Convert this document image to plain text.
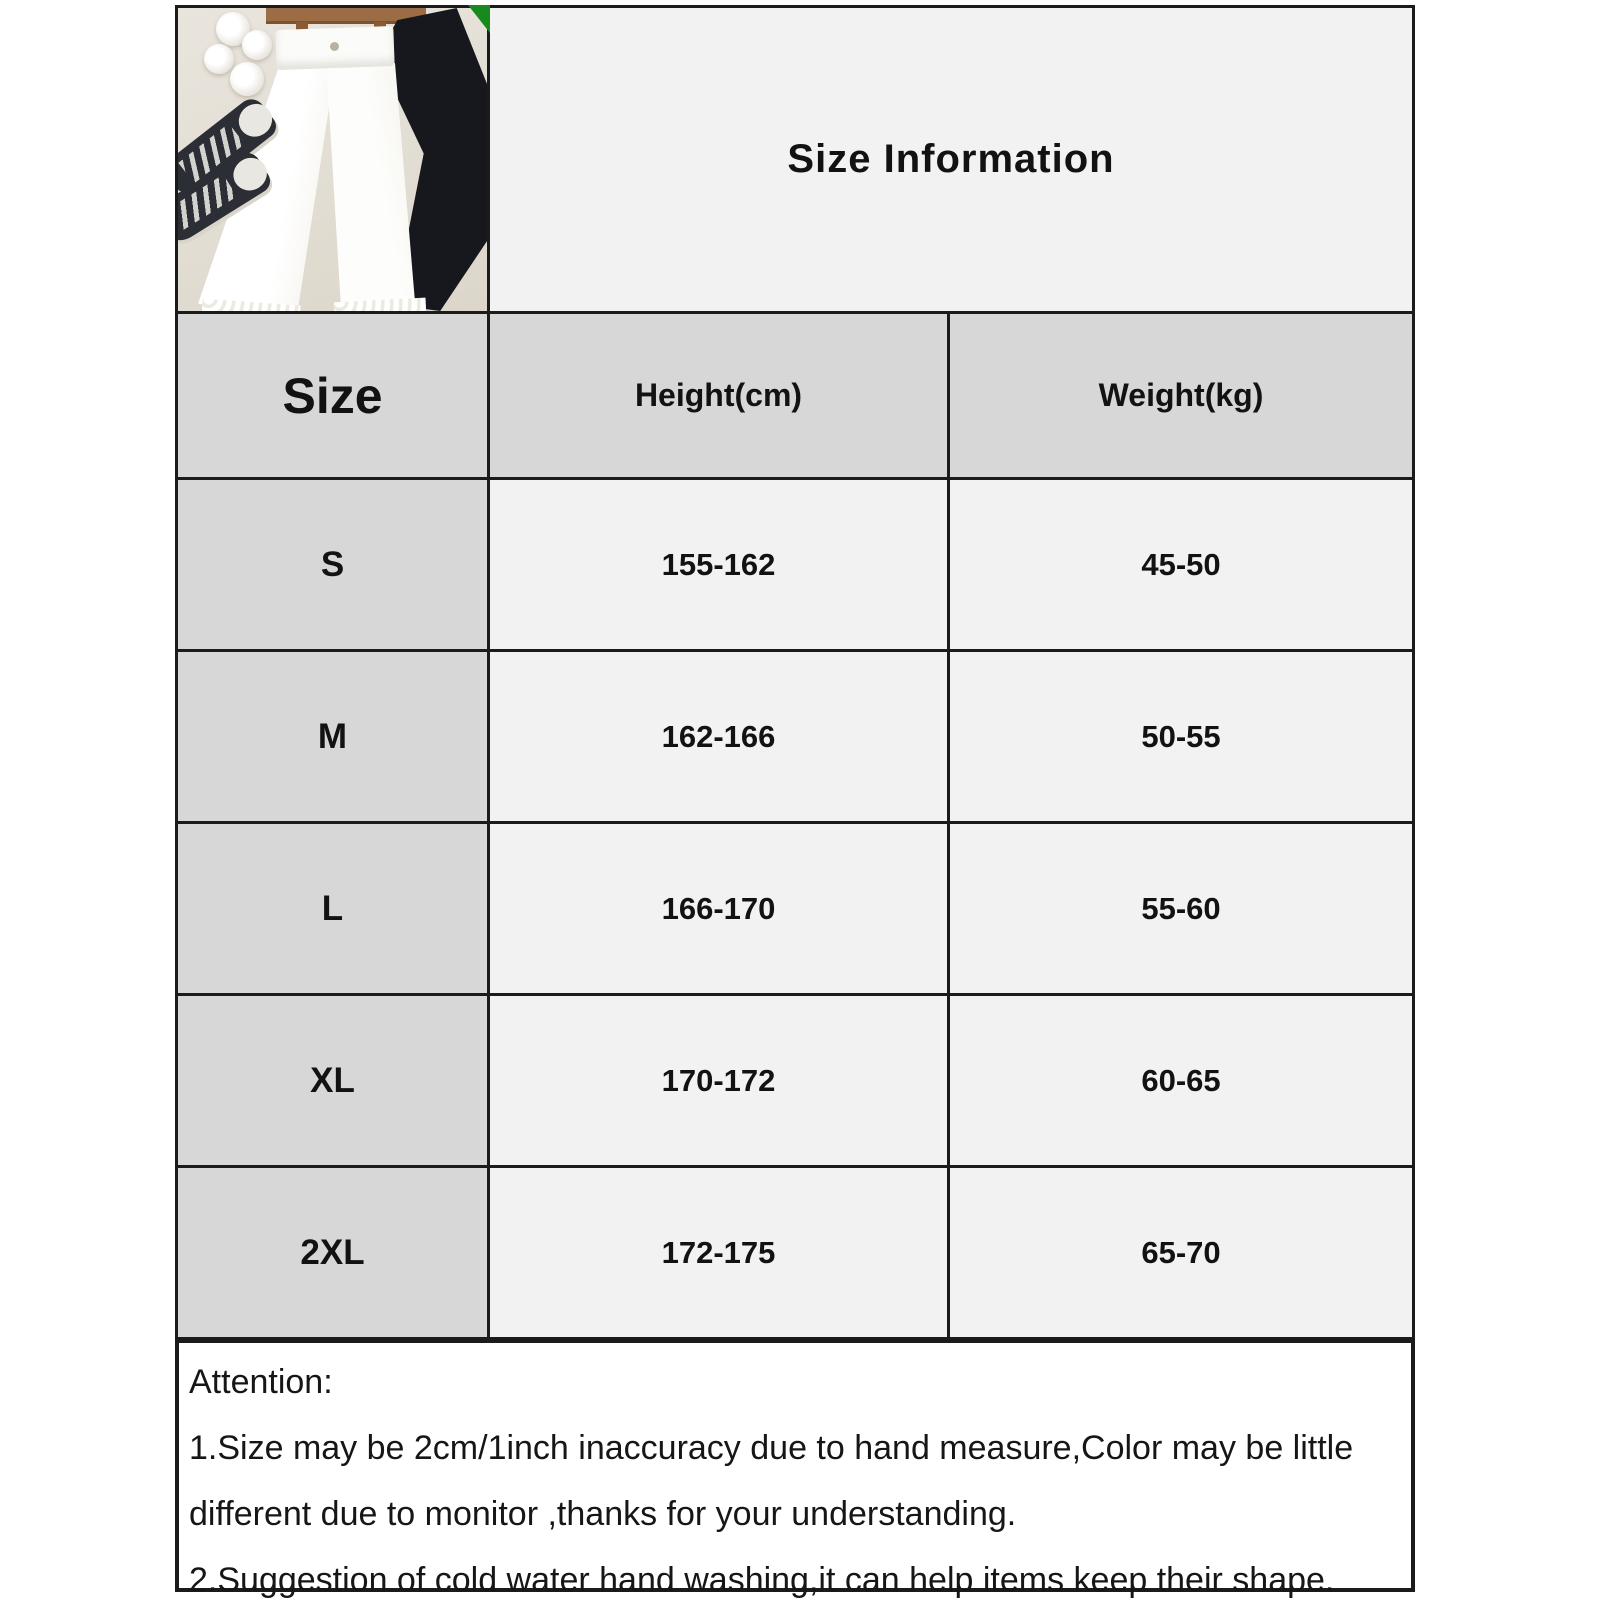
Size Information
Size	Height(cm)	Weight(kg)
S	155-162	45-50
M	162-166	50-55
L	166-170	55-60
XL	170-172	60-65
2XL	172-175	65-70

Attention:

1.Size may be 2cm/1inch inaccuracy due to hand measure,Color may be little different due to monitor ,thanks for your understanding.

2.Suggestion of cold water hand washing,it can help items keep their shape.
